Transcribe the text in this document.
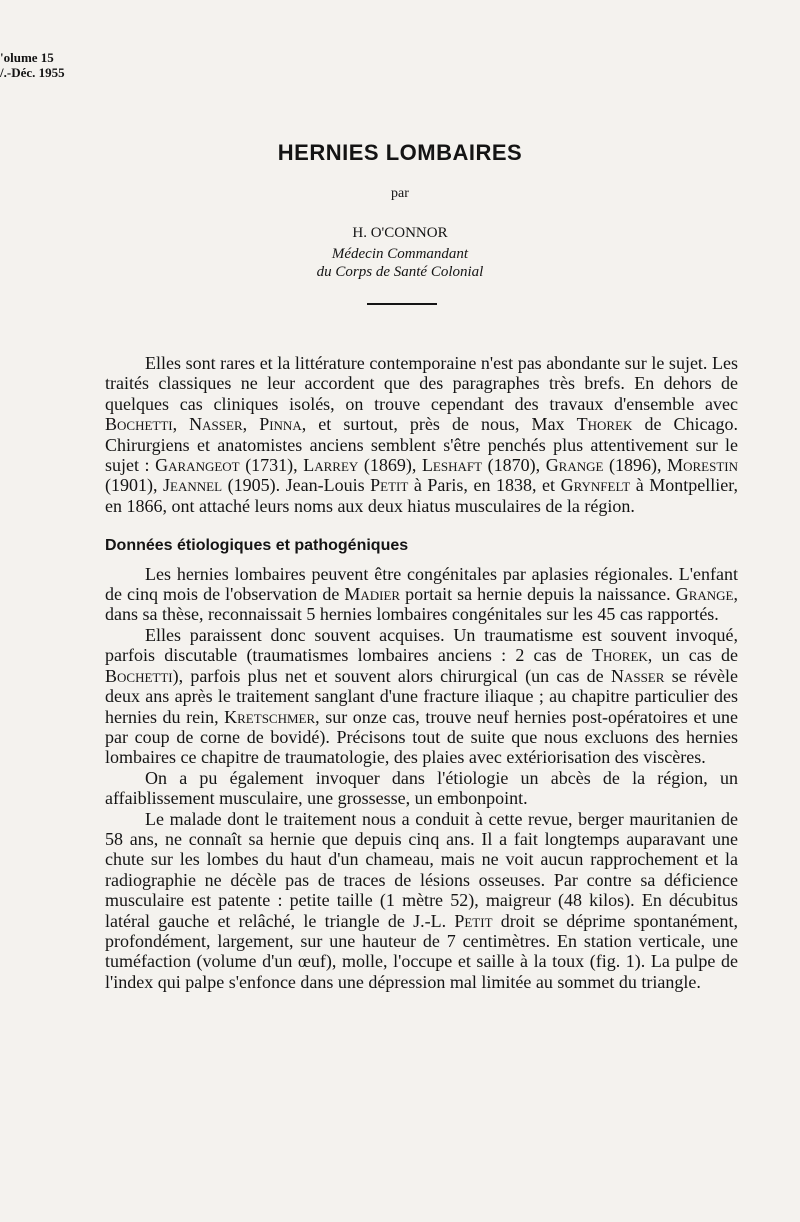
'olume 15
/.-Déc. 1955
HERNIES LOMBAIRES
par
H. O'CONNOR
Médecin Commandant
du Corps de Santé Colonial

Elles sont rares et la littérature contemporaine n'est pas abondante sur le sujet. Les traités classiques ne leur accordent que des paragraphes très brefs. En dehors de quelques cas cliniques isolés, on trouve cependant des travaux d'ensemble avec Bochetti, Nasser, Pinna, et surtout, près de nous, Max Thorek de Chicago. Chirurgiens et anatomistes anciens semblent s'être penchés plus attentivement sur le sujet : Garangeot (1731), Larrey (1869), Leshaft (1870), Grange (1896), Morestin (1901), Jeannel (1905). Jean-Louis Petit à Paris, en 1838, et Grynfelt à Montpellier, en 1866, ont attaché leurs noms aux deux hiatus musculaires de la région.

Données étiologiques et pathogéniques

Les hernies lombaires peuvent être congénitales par aplasies régionales. L'enfant de cinq mois de l'observation de Madier portait sa hernie depuis la naissance. Grange, dans sa thèse, reconnaissait 5 hernies lombaires congénitales sur les 45 cas rapportés.

Elles paraissent donc souvent acquises. Un traumatisme est souvent invoqué, parfois discutable (traumatismes lombaires anciens : 2 cas de Thorek, un cas de Bochetti), parfois plus net et souvent alors chirurgical (un cas de Nasser se révèle deux ans après le traitement sanglant d'une fracture iliaque ; au chapitre particulier des hernies du rein, Kretschmer, sur onze cas, trouve neuf hernies post-opératoires et une par coup de corne de bovidé). Précisons tout de suite que nous excluons des hernies lombaires ce chapitre de traumatologie, des plaies avec extériorisation des viscères.

On a pu également invoquer dans l'étiologie un abcès de la région, un affaiblissement musculaire, une grossesse, un embonpoint.

Le malade dont le traitement nous a conduit à cette revue, berger mauritanien de 58 ans, ne connaît sa hernie que depuis cinq ans. Il a fait longtemps auparavant une chute sur les lombes du haut d'un chameau, mais ne voit aucun rapprochement et la radiographie ne décèle pas de traces de lésions osseuses. Par contre sa déficience musculaire est patente : petite taille (1 mètre 52), maigreur (48 kilos). En décubitus latéral gauche et relâché, le triangle de J.-L. Petit droit se déprime spontanément, profondément, largement, sur une hauteur de 7 centimètres. En station verticale, une tuméfaction (volume d'un œuf), molle, l'occupe et saille à la toux (fig. 1). La pulpe de l'index qui palpe s'enfonce dans une dépression mal limitée au sommet du triangle.
